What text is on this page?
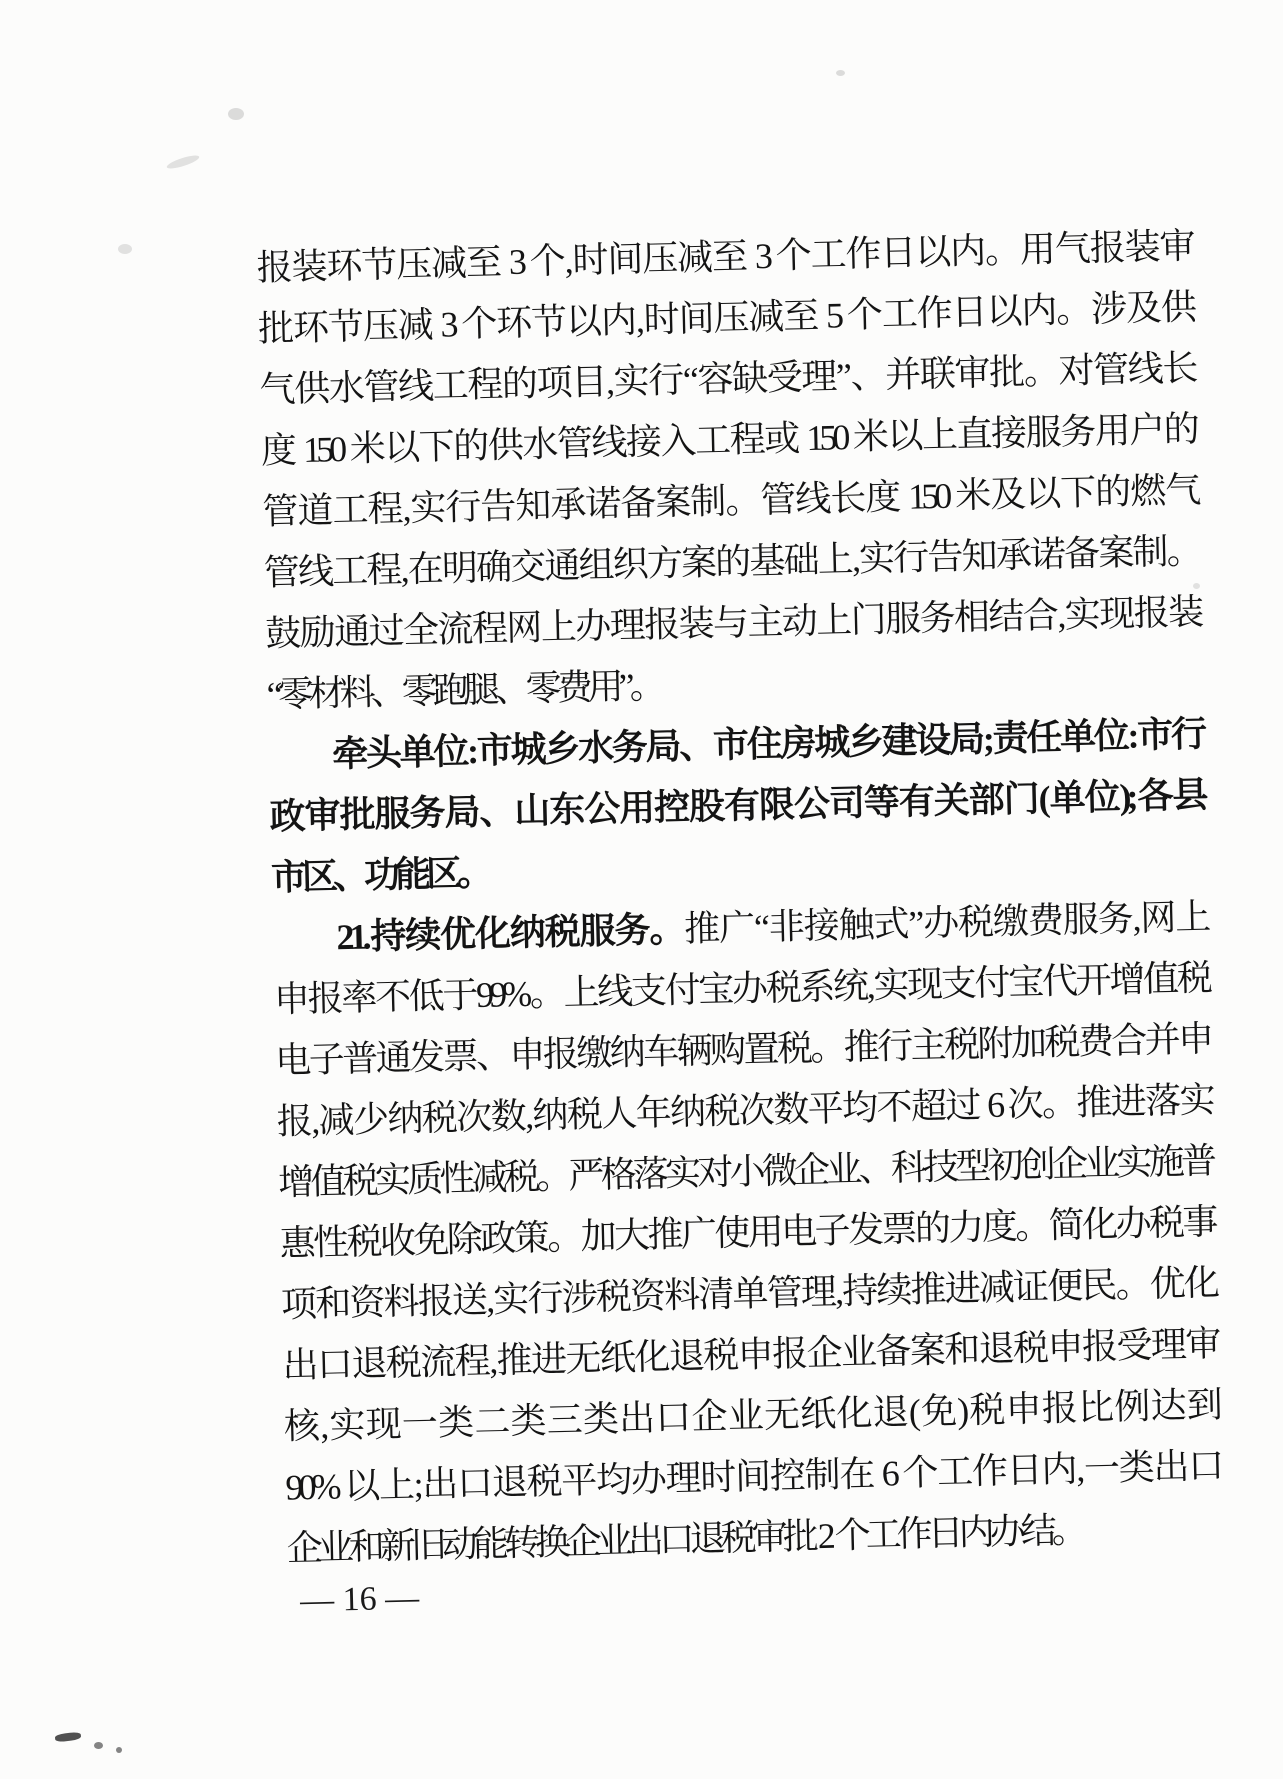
报装环节压减至 3 个,时间压减至 3 个工作日以内。用气报装审
批环节压减 3 个环节以内,时间压减至 5 个工作日以内。涉及供
气供水管线工程的项目,实行“容缺受理”、并联审批。对管线长
度 150 米以下的供水管线接入工程或 150 米以上直接服务用户的
管道工程,实行告知承诺备案制。管线长度 150 米及以下的燃气
管线工程,在明确交通组织方案的基础上,实行告知承诺备案制。
鼓励通过全流程网上办理报装与主动上门服务相结合,实现报装
“零材料、零跑腿、零费用”。
牵头单位:市城乡水务局、市住房城乡建设局;责任单位:市行
政审批服务局、山东公用控股有限公司等有关部门(单位);各县
市区、功能区。
21.持续优化纳税服务。推广“非接触式”办税缴费服务,网上
申报率不低于99%。上线支付宝办税系统,实现支付宝代开增值税
电子普通发票、申报缴纳车辆购置税。推行主税附加税费合并申
报,减少纳税次数,纳税人年纳税次数平均不超过 6 次。推进落实
增值税实质性减税。严格落实对小微企业、科技型初创企业实施普
惠性税收免除政策。加大推广使用电子发票的力度。简化办税事
项和资料报送,实行涉税资料清单管理,持续推进减证便民。优化
出口退税流程,推进无纸化退税申报企业备案和退税申报受理审
核,实现一类二类三类出口企业无纸化退(免)税申报比例达到
90% 以上;出口退税平均办理时间控制在 6 个工作日内,一类出口
企业和新旧动能转换企业出口退税审批 2 个工作日内办结。
— 16 —
